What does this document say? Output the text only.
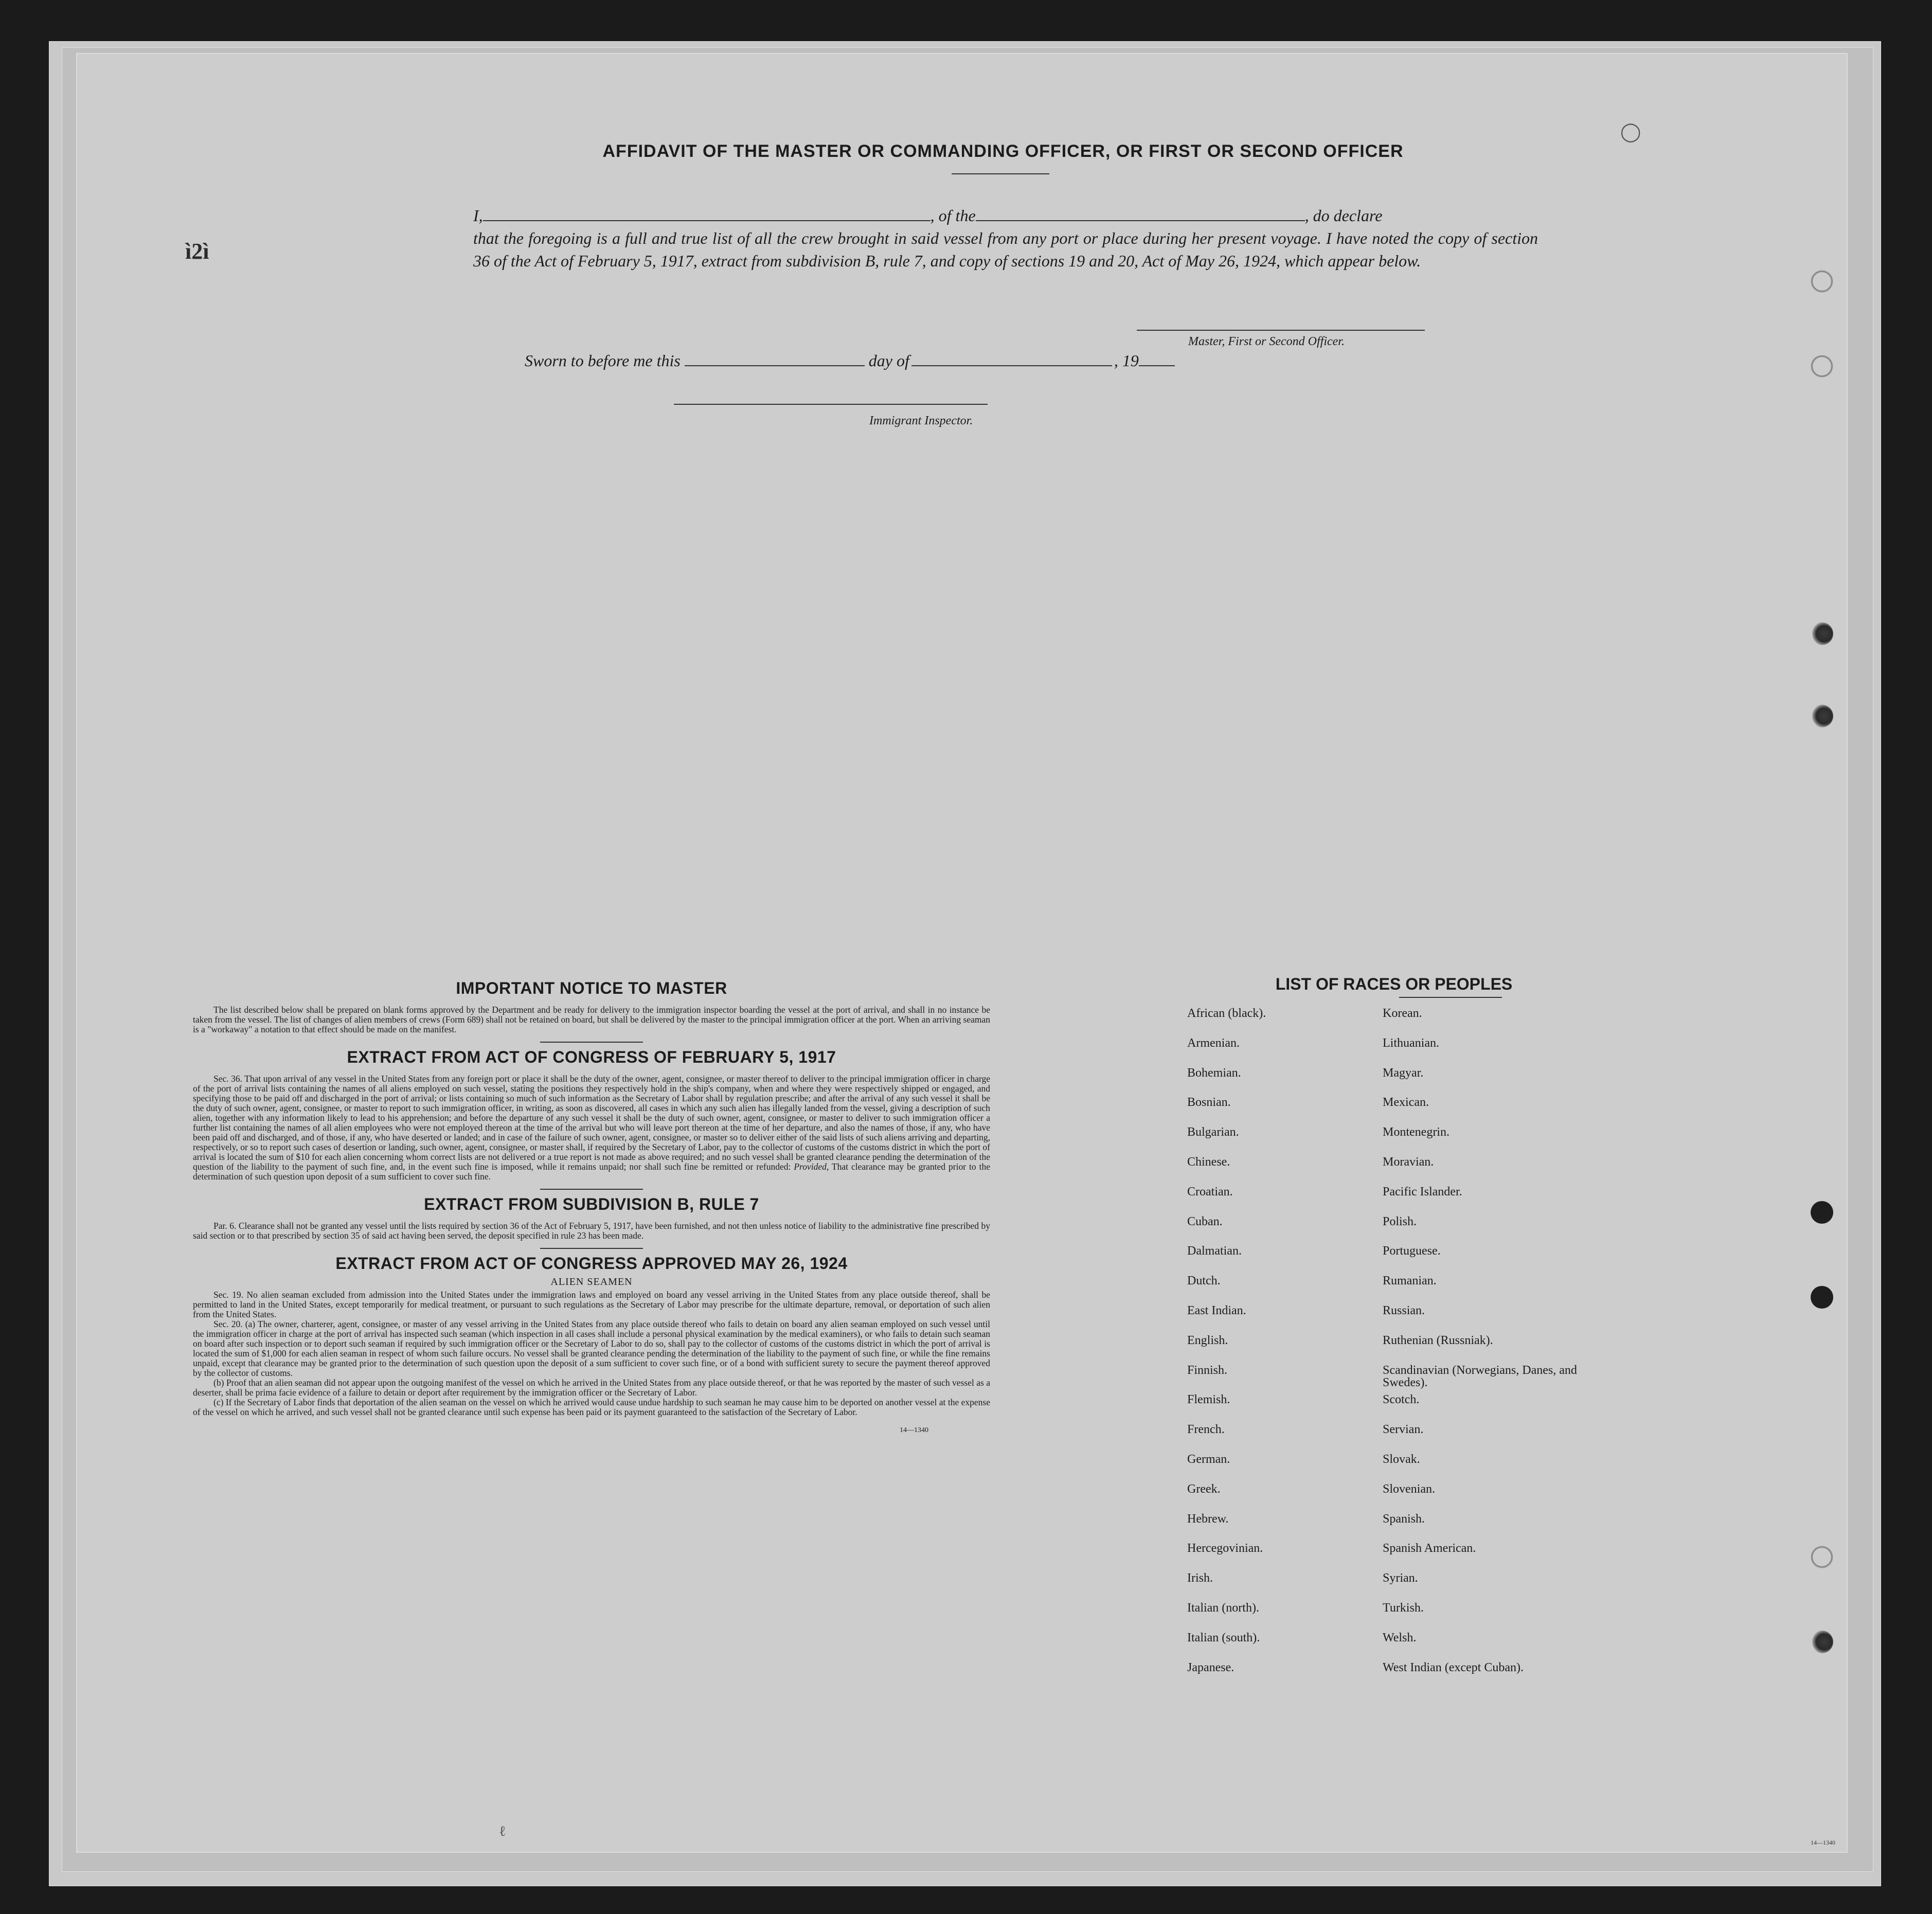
ì2ì
AFFIDAVIT OF THE MASTER OR COMMANDING OFFICER, OR FIRST OR SECOND OFFICER
I,	, of the	, do declare
that the foregoing is a full and true list of all the crew brought in said vessel from any port or place during her present voyage. I have noted the copy of section 36 of the Act of February 5, 1917, extract from subdivision B, rule 7, and copy of sections 19 and 20, Act of May 26, 1924, which appear below.
Master, First or Second Officer.
Sworn to before me this	day of	, 19
Immigrant Inspector.
IMPORTANT NOTICE TO MASTER

The list described below shall be prepared on blank forms approved by the Department and be ready for delivery to the immigration inspector boarding the vessel at the port of arrival, and shall in no instance be taken from the vessel. The list of changes of alien members of crews (Form 689) shall not be retained on board, but shall be delivered by the master to the principal immigration officer at the port. When an arriving seaman is a "workaway" a notation to that effect should be made on the manifest.

EXTRACT FROM ACT OF CONGRESS OF FEBRUARY 5, 1917

Sec. 36. That upon arrival of any vessel in the United States from any foreign port or place it shall be the duty of the owner, agent, consignee, or master thereof to deliver to the principal immigration officer in charge of the port of arrival lists containing the names of all aliens employed on such vessel, stating the positions they respectively hold in the ship's company, when and where they were respectively shipped or engaged, and specifying those to be paid off and discharged in the port of arrival; or lists containing so much of such information as the Secretary of Labor shall by regulation prescribe; and after the arrival of any such vessel it shall be the duty of such owner, agent, consignee, or master to report to such immigration officer, in writing, as soon as discovered, all cases in which any such alien has illegally landed from the vessel, giving a description of such alien, together with any information likely to lead to his apprehension; and before the departure of any such vessel it shall be the duty of such owner, agent, consignee, or master to deliver to such immigration officer a further list containing the names of all alien employees who were not employed thereon at the time of the arrival but who will leave port thereon at the time of her departure, and also the names of those, if any, who have been paid off and discharged, and of those, if any, who have deserted or landed; and in case of the failure of such owner, agent, consignee, or master so to deliver either of the said lists of such aliens arriving and departing, respectively, or so to report such cases of desertion or landing, such owner, agent, consignee, or master shall, if required by the Secretary of Labor, pay to the collector of customs of the customs district in which the port of arrival is located the sum of $10 for each alien concerning whom correct lists are not delivered or a true report is not made as above required; and no such vessel shall be granted clearance pending the determination of the question of the liability to the payment of such fine, and, in the event such fine is imposed, while it remains unpaid; nor shall such fine be remitted or refunded: Provided, That clearance may be granted prior to the determination of such question upon deposit of a sum sufficient to cover such fine.

EXTRACT FROM SUBDIVISION B, RULE 7

Par. 6. Clearance shall not be granted any vessel until the lists required by section 36 of the Act of February 5, 1917, have been furnished, and not then unless notice of liability to the administrative fine prescribed by said section or to that prescribed by section 35 of said act having been served, the deposit specified in rule 23 has been made.

EXTRACT FROM ACT OF CONGRESS APPROVED MAY 26, 1924
ALIEN SEAMEN

Sec. 19. No alien seaman excluded from admission into the United States under the immigration laws and employed on board any vessel arriving in the United States from any place outside thereof, shall be permitted to land in the United States, except temporarily for medical treatment, or pursuant to such regulations as the Secretary of Labor may prescribe for the ultimate departure, removal, or deportation of such alien from the United States.

Sec. 20. (a) The owner, charterer, agent, consignee, or master of any vessel arriving in the United States from any place outside thereof who fails to detain on board any alien seaman employed on such vessel until the immigration officer in charge at the port of arrival has inspected such seaman (which inspection in all cases shall include a personal physical examination by the medical examiners), or who fails to detain such seaman on board after such inspection or to deport such seaman if required by such immigration officer or the Secretary of Labor to do so, shall pay to the collector of customs of the customs district in which the port of arrival is located the sum of $1,000 for each alien seaman in respect of whom such failure occurs. No vessel shall be granted clearance pending the determination of the liability to the payment of such fine, or while the fine remains unpaid, except that clearance may be granted prior to the determination of such question upon the deposit of a sum sufficient to cover such fine, or of a bond with sufficient surety to secure the payment thereof approved by the collector of customs.

(b) Proof that an alien seaman did not appear upon the outgoing manifest of the vessel on which he arrived in the United States from any place outside thereof, or that he was reported by the master of such vessel as a deserter, shall be prima facie evidence of a failure to detain or deport after requirement by the immigration officer or the Secretary of Labor.

(c) If the Secretary of Labor finds that deportation of the alien seaman on the vessel on which he arrived would cause undue hardship to such seaman he may cause him to be deported on another vessel at the expense of the vessel on which he arrived, and such vessel shall not be granted clearance until such expense has been paid or its payment guaranteed to the satisfaction of the Secretary of Labor.

14—1340
LIST OF RACES OR PEOPLES
African (black).	Korean.
Armenian.	Lithuanian.
Bohemian.	Magyar.
Bosnian.	Mexican.
Bulgarian.	Montenegrin.
Chinese.	Moravian.
Croatian.	Pacific Islander.
Cuban.	Polish.
Dalmatian.	Portuguese.
Dutch.	Rumanian.
East Indian.	Russian.
English.	Ruthenian (Russniak).
Finnish.	Scandinavian (Norwegians, Danes, and Swedes).
Flemish.	Scotch.
French.	Servian.
German.	Slovak.
Greek.	Slovenian.
Hebrew.	Spanish.
Hercegovinian.	Spanish American.
Irish.	Syrian.
Italian (north).	Turkish.
Italian (south).	Welsh.
Japanese.	West Indian (except Cuban).
14—1340
◯
ℓ
